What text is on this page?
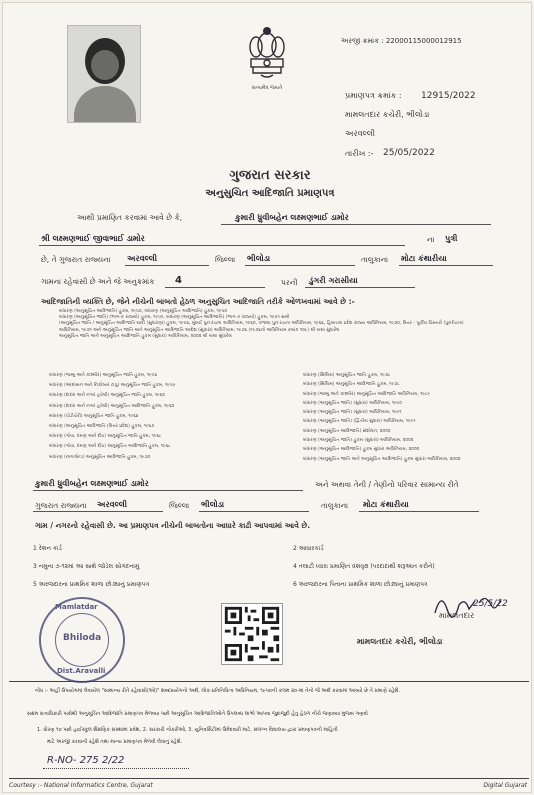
સત્યમેવ જયતે
અરજી ક્રમાંક : 22000115000012915
પ્રમાણપત્ર ક્રમાંક : 12915/2022
મામલતદાર કચેરી, ભીલોડા
અરવલ્લી
તારીખ :- 25/05/2022
ગુજરાત સરકાર
અનુસુચિત આદિજાતિ પ્રમાણપત્ર
આથી પ્રમાણિત કરવામાં આવે છે કે,	કુમારી ધ્રુવીબહેન લક્ષ્મણભાઈ ડામોર
શ્રી લક્ષ્મણભાઈ જીવાભાઈ ડામોર	ના પુત્રી
છે, તે ગુજરાત રાજ્યના અરવલ્લી	જિલ્લા ભીલોડા	તાલુકાના મોટા કંથારીયા
ગામના રહેવાસી છે અને જે અનુક્રમાંક 4	પરની ડુંગરી ગરાસીયા
આદિજાતિની વ્યક્તિ છે, જેને નીચેની બાબતો હેઠળ અનુસુચિત આદિજાતિ તરીકે ઓળખવામાં આવે છે :-
બંધારણ (અનુસૂચિત આદિજાતિ) હુકમ, ૧૯૫૦, બંધારણ (અનુસૂચિત આદિજાતિ) હુકમ, ૧૯૫૦
બંધારણ (અનુસૂચિત જાતિ) (ભાગ-ક રાજ્યો) હુકમ, ૧૯૫૧, બંધારણ (અનુસૂચિત આદિજાતિ) (ભાગ-ક રાજ્યો) હુકમ, ૧૯૫૧ સાથે
(અનુસૂચિત જાતિ / અનુસૂચિત આદિજાતિ યાદી (સુધારણા) હુકમ, ૧૯૫૬, મુંબઈ પુનઃરચના અધિનિયમ, ૧૯૬૦, પંજાબ પુનઃરચના અધિનિયમ, ૧૯૬૬, હિમાચલ પ્રદેશ રાજ્ય અધિનિયમ, ૧૯૭૦, ઉત્તર - પૂર્વીય વિસ્તારો (પુનર્રચના)
અધિનિયમ, ૧૯૭૧ અને અનુસૂચિત જાતિ અને અનુસૂચિત આદિજાતિ આદેશ (સુધારા) અધિનિયમ, ૧૯૭૬ (૧૯૭૬નો અધિનિયમ ક્રમાંક ૧૦૮) થી યથા સુધારેલ
અનુસૂચિત જાતિ અને અનુસૂચિત આદિજાતિ હુકમ (સુધારા) અધિનિયમ, ૨૦૦૨ થી યથા સુધારેલ
બંધારણ (જમ્મુ અને કાશ્મીર) અનુસૂચિત જાતિ હુકમ, ૧૯૫૬
બંધારણ (આંદામાન અને નિકોબાર ટાપુ) અનુસૂચિત જાતિ હુકમ, ૧૯૫૯
બંધારણ (દાદરા અને નગર હવેલી) અનુસૂચિત જાતિ હુકમ, ૧૯૬૨
બંધારણ (દાદરા અને નગર હવેલી) અનુસૂચિત આદિજાતિ હુકમ, ૧૯૬૨
બંધારણ (પોંડીચેરી) અનુસૂચિત જાતિ હુકમ, ૧૯૬૪
બંધારણ (અનુસૂચિત આદિજાતિ (ઉત્તર પ્રદેશ) હુકમ, ૧૯૬૭
બંધારણ (ગોવા, દમણ અને દીવ) અનુસૂચિત જાતિ હુકમ, ૧૯૬૮
બંધારણ (ગોવા, દમણ અને દીવ) અનુસૂચિત આદિજાતિ હુકમ, ૧૯૬૮
બંધારણ (નાગાલેન્ડ) અનુસૂચિત આદિજાતિ હુકમ, ૧૯૭૦
બંધારણ (સિક્કિમ) અનુસૂચિત જાતિ હુકમ, ૧૯૭૮
બંધારણ (સિક્કિમ) અનુસૂચિત આદિજાતિ હુકમ, ૧૯૭૮
બંધારણ (જમ્મુ અને કાશ્મીર) અનુસૂચિત આદિજાતિ અધિનિયમ, ૧૯૮૯
બંધારણ (અનુસૂચિત જાતિ) (સુધારા) અધિનિયમ, ૧૯૯૦
બંધારણ (અનુસૂચિત જાતિ) (સુધારા) અધિનિયમ, ૧૯૯૧
બંધારણ (અનુસૂચિત જાતિ) (દ્વિતીય સુધારા) અધિનિયમ, ૧૯૯૧
બંધારણ (અનુસૂચિત આદિજાતિ) સંશોધન, ૨૦૦૨
બંધારણ (અનુસૂચિત જાતિ) હુકમ (સુધારા) અધિનિયમ, ૨૦૦૨
બંધારણ (અનુસૂચિત આદિજાતિ) હુકમ સુધારા અધિનિયમ, ૨૦૦૨
બંધારણ (અનુસૂચિત જાતિ અને અનુસૂચિત આદિજાતિ) હુકમ સુધારા અધિનિયમ, ૨૦૦૨
કુમારી ધ્રુવીબહેન લક્ષ્મણભાઈ ડામોર	અને અથવા તેની / તેણીનો પરિવાર સામાન્ય રીતે
ગુજરાત રાજ્યના અરવલ્લી	જિલ્લા ભીલોડા	તાલુકાના મોટા કંથારીયા
ગામ / નગરનો રહેવાસી છે. આ પ્રમાણપત્ર નીચેની બાબતોના આધારે કાઢી આપવામાં આવે છે.
1 રેશન કાર્ડ	2 આધારકાર્ડ
3 નમુના ૭-૧૨માં આ સાથે જોડેલ સોગંદનામું	4 તલાટી ધ્વારા પ્રમાણિત વંશવૃક્ષ (પરદાદાથી શરૂઆત કરીને)
5 અરજદારના પ્રાથમિક શાળા છોડ્યાનું પ્રમાણપત્ર	6 અરજદારના પિતાના પ્રાથમિક શાળા છોડ્યાનું પ્રમાણપત્ર
Bhiloda
Mamlatdar
Dist.Aravalli
25/5/22
મામલતદાર
મામલતદાર કચેરી, ભીલોડા
નોંધ :- અહીં ઉપયોગમાં લેવાયેલ "સામાન્ય રીતે રહેવાસી(ઓ)" શબ્દપ્રયોગનો અર્થ, લોક-પ્રતિનિધિત્વ અધિનિયમ, ૧૯૫૦ની કલમ ૨૦-માં તેનો જે અર્થ કરવામાં આવ્યો છે તે પ્રમાણે રહેશે.
સક્ષમ સત્તાધિકારી પાસેથી અનુસૂચિત આદિજાતિ પ્રમાણપત્ર મેળવ્યા પછી અનુસૂચિત આદિજાતિઓને ઉપલબ્ધ લાભો આપવા જુદાજુદી હેતુ હેઠળ નીચે જણાવ્યા મુજબ ગણવો
1. ધોરણ ૧૦ પછી હાઈસ્કૂલ શૈક્ષણિક સંસ્થામાં પ્રવેશ, 2. સરકારી નોકરીઓ, 3. યુનિવર્સિટીમાં ઉમેદવારી માટે, સંલગ્ન વિદ્યાલય દ્વારા પ્રમાણપત્રની માહિતી
માટે અરજી કરવાની રહેશે તથા માન્ય પ્રમાણપત્ર મેળવી લેવાનું રહેશે.
R-NO- 275 2/22
Courtesy :- National Informatics Centre, Gujarat	Digital Gujarat
